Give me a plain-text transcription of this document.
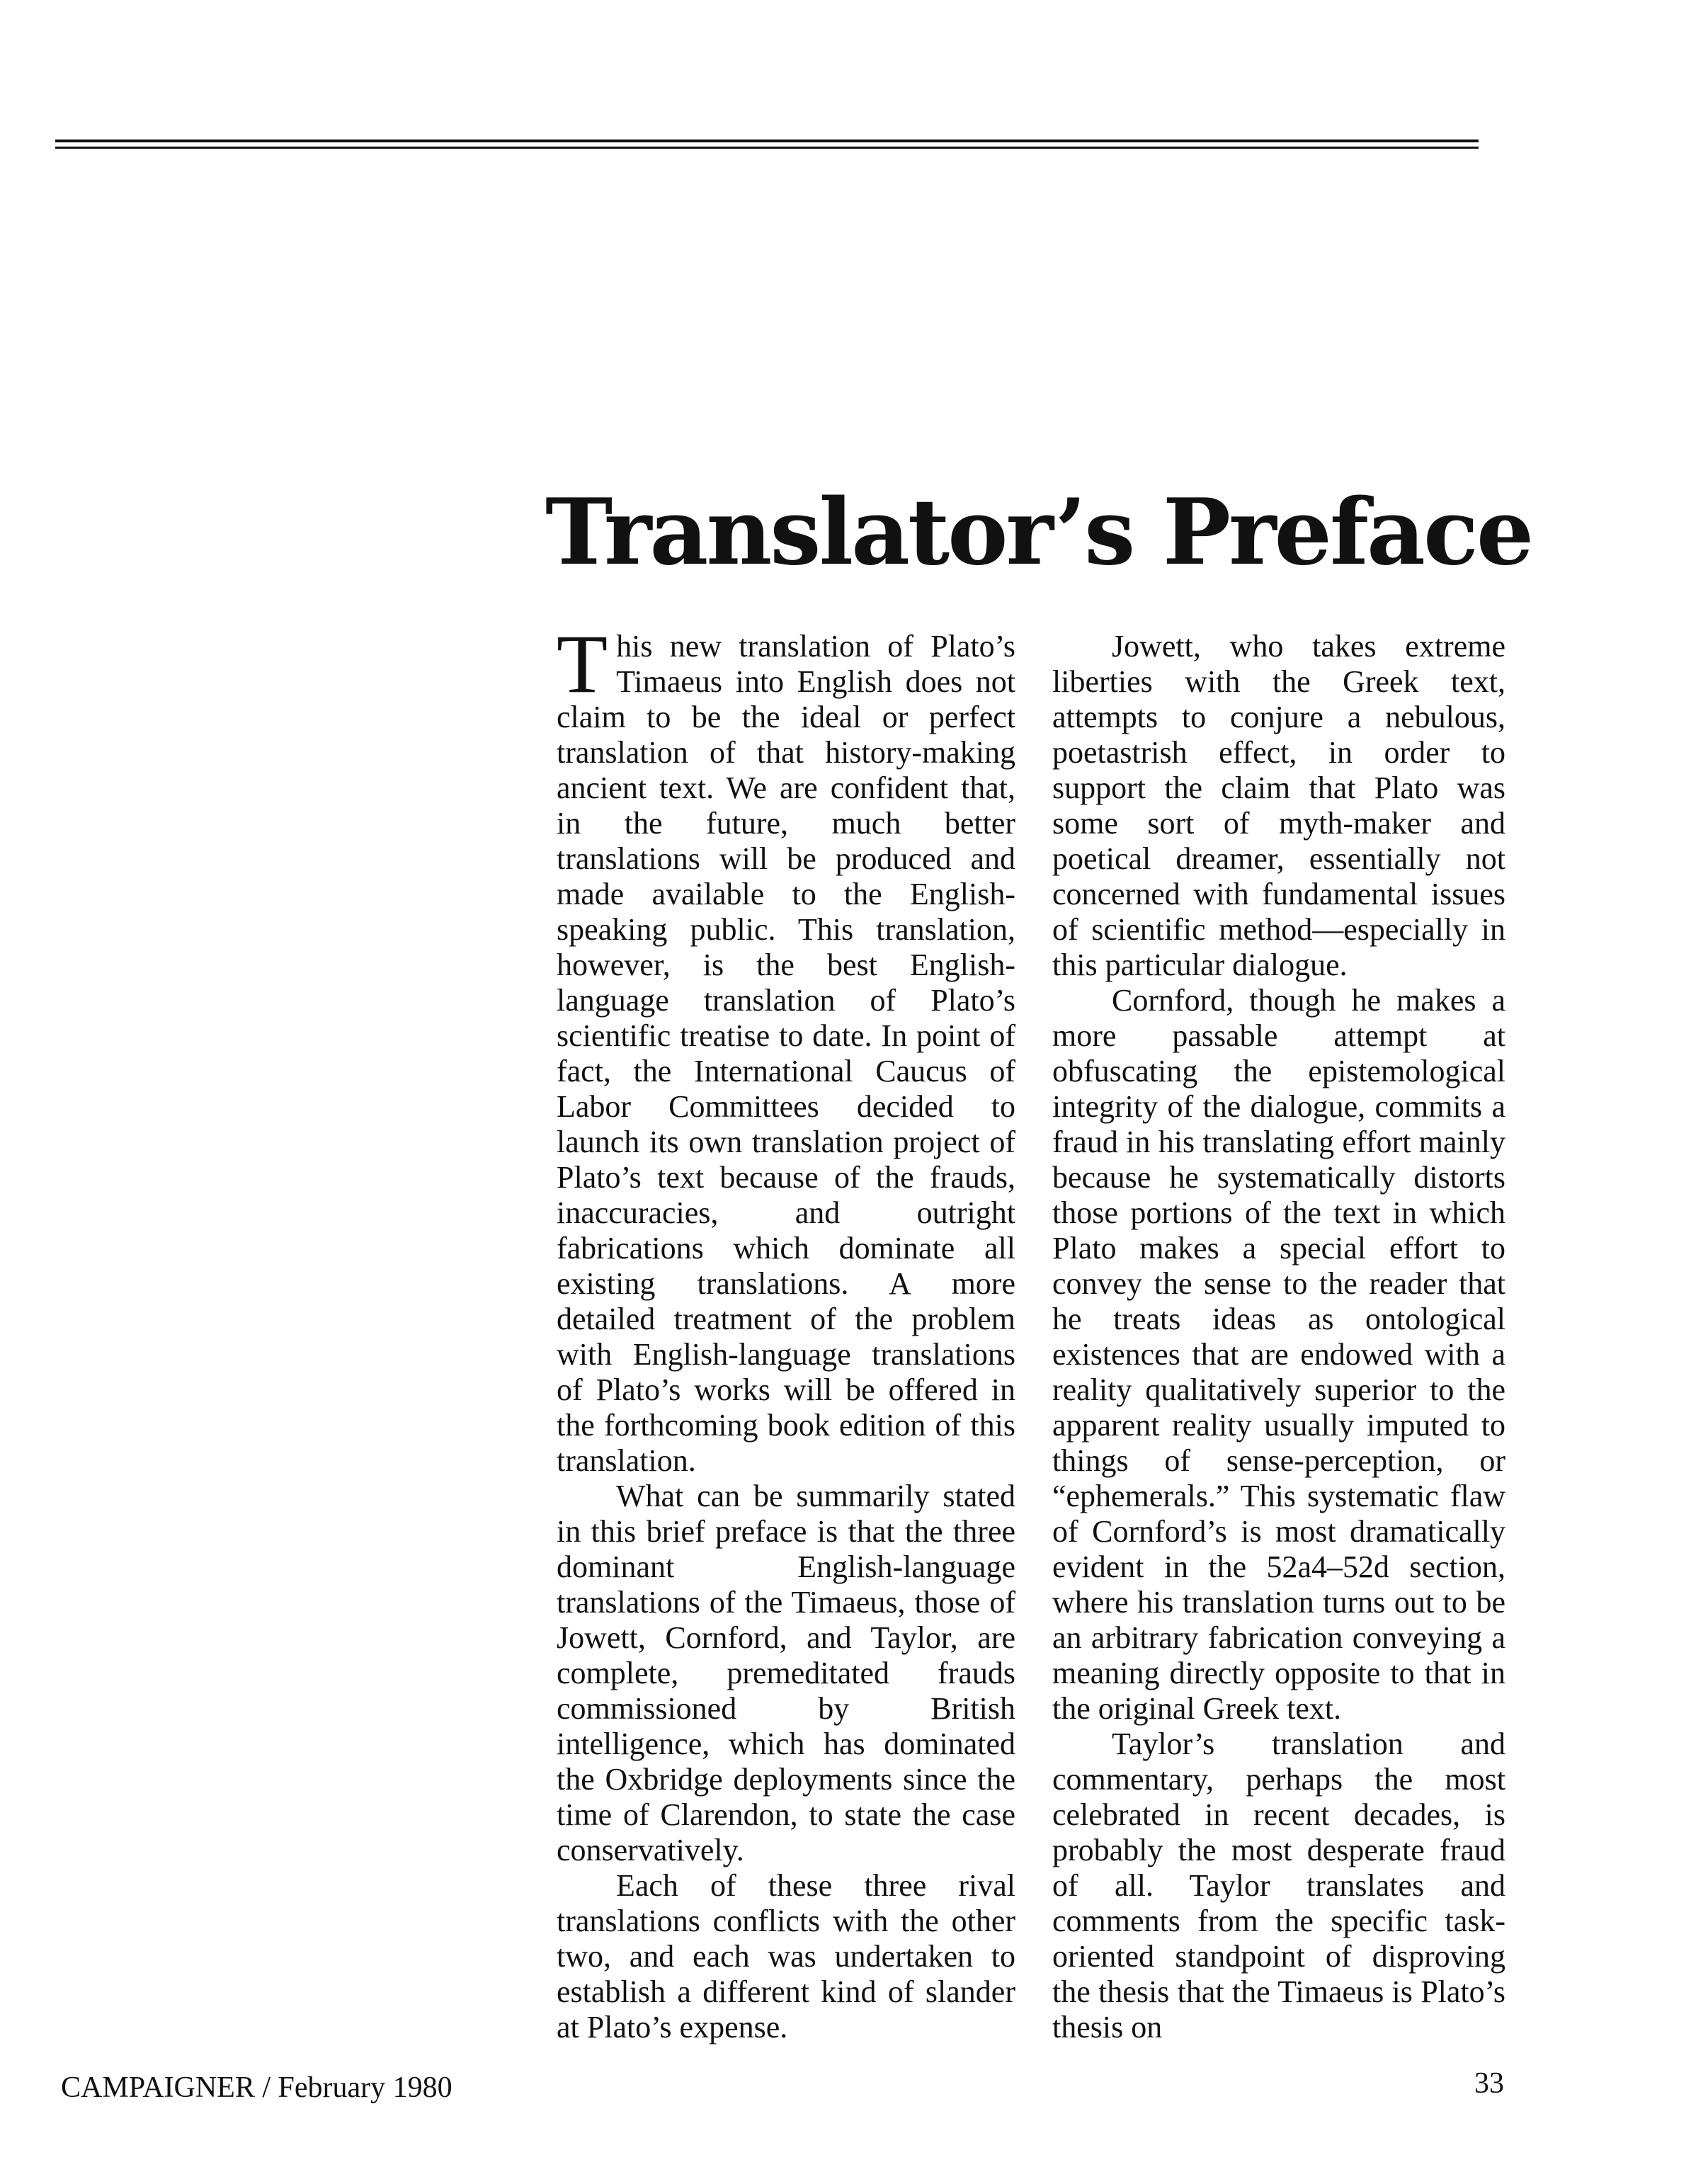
Translator’s Preface

This new translation of Plato’s Timaeus into English does not claim to be the ideal or perfect translation of that history-making ancient text. We are confident that, in the future, much better translations will be produced and made available to the English-speaking public. This translation, however, is the best English-language translation of Plato’s scientific treatise to date. In point of fact, the International Caucus of Labor Committees decided to launch its own translation project of Plato’s text because of the frauds, inaccuracies, and outright fabrications which dominate all existing translations. A more detailed treatment of the problem with English-language translations of Plato’s works will be offered in the forthcoming book edition of this translation.

What can be summarily stated in this brief preface is that the three dominant English-language translations of the Timaeus, those of Jowett, Cornford, and Taylor, are complete, premeditated frauds commissioned by British intelligence, which has dominated the Oxbridge deployments since the time of Clarendon, to state the case conservatively.

Each of these three rival translations conflicts with the other two, and each was undertaken to establish a different kind of slander at Plato’s expense.

Jowett, who takes extreme liberties with the Greek text, attempts to conjure a nebulous, poetastrish effect, in order to support the claim that Plato was some sort of myth-maker and poetical dreamer, essentially not concerned with fundamental issues of scientific method—especially in this particular dialogue.

Cornford, though he makes a more passable attempt at obfuscating the epistemological integrity of the dialogue, commits a fraud in his translating effort mainly because he systematically distorts those portions of the text in which Plato makes a special effort to convey the sense to the reader that he treats ideas as ontological existences that are endowed with a reality qualitatively superior to the apparent reality usually imputed to things of sense-perception, or “ephemerals.” This systematic flaw of Cornford’s is most dramatically evident in the 52a4–52d section, where his translation turns out to be an arbitrary fabrication conveying a meaning directly opposite to that in the original Greek text.

Taylor’s translation and commentary, perhaps the most celebrated in recent decades, is probably the most desperate fraud of all. Taylor translates and comments from the specific task-oriented standpoint of disproving the thesis that the Timaeus is Plato’s thesis on

CAMPAIGNER / February 1980	33
